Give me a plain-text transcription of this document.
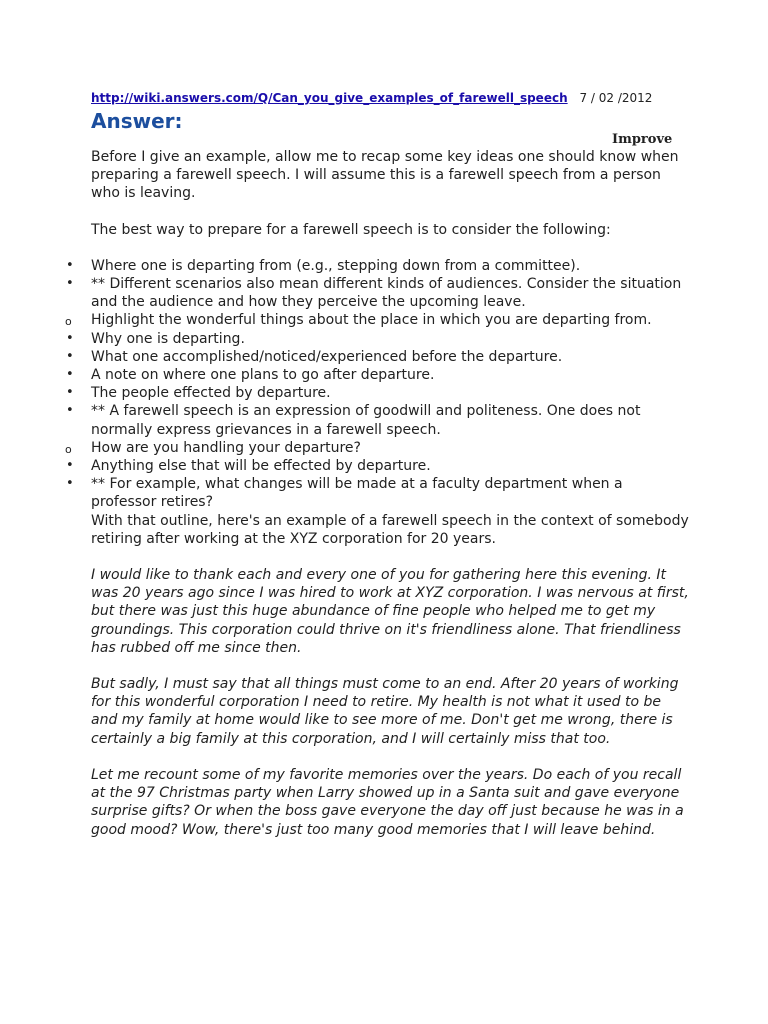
http://wiki.answers.com/Q/Can_you_give_examples_of_farewell_speech 7 / 02 /2012
Answer:
Improve

Before I give an example, allow me to recap some key ideas one should know when preparing a farewell speech. I will assume this is a farewell speech from a person who is leaving.

The best way to prepare for a farewell speech is to consider the following:

• Where one is departing from (e.g., stepping down from a committee).
• ** Different scenarios also mean different kinds of audiences. Consider the situation and the audience and how they perceive the upcoming leave.
o Highlight the wonderful things about the place in which you are departing from.
• Why one is departing.
• What one accomplished/noticed/experienced before the departure.
• A note on where one plans to go after departure.
• The people effected by departure.
• ** A farewell speech is an expression of goodwill and politeness. One does not normally express grievances in a farewell speech.
o How are you handling your departure?
• Anything else that will be effected by departure.
• ** For example, what changes will be made at a faculty department when a professor retires?

With that outline, here's an example of a farewell speech in the context of somebody retiring after working at the XYZ corporation for 20 years.

I would like to thank each and every one of you for gathering here this evening. It was 20 years ago since I was hired to work at XYZ corporation. I was nervous at first, but there was just this huge abundance of fine people who helped me to get my groundings. This corporation could thrive on it's friendliness alone. That friendliness has rubbed off me since then.

But sadly, I must say that all things must come to an end. After 20 years of working for this wonderful corporation I need to retire. My health is not what it used to be and my family at home would like to see more of me. Don't get me wrong, there is certainly a big family at this corporation, and I will certainly miss that too.

Let me recount some of my favorite memories over the years. Do each of you recall at the 97 Christmas party when Larry showed up in a Santa suit and gave everyone surprise gifts? Or when the boss gave everyone the day off just because he was in a good mood? Wow, there's just too many good memories that I will leave behind.
